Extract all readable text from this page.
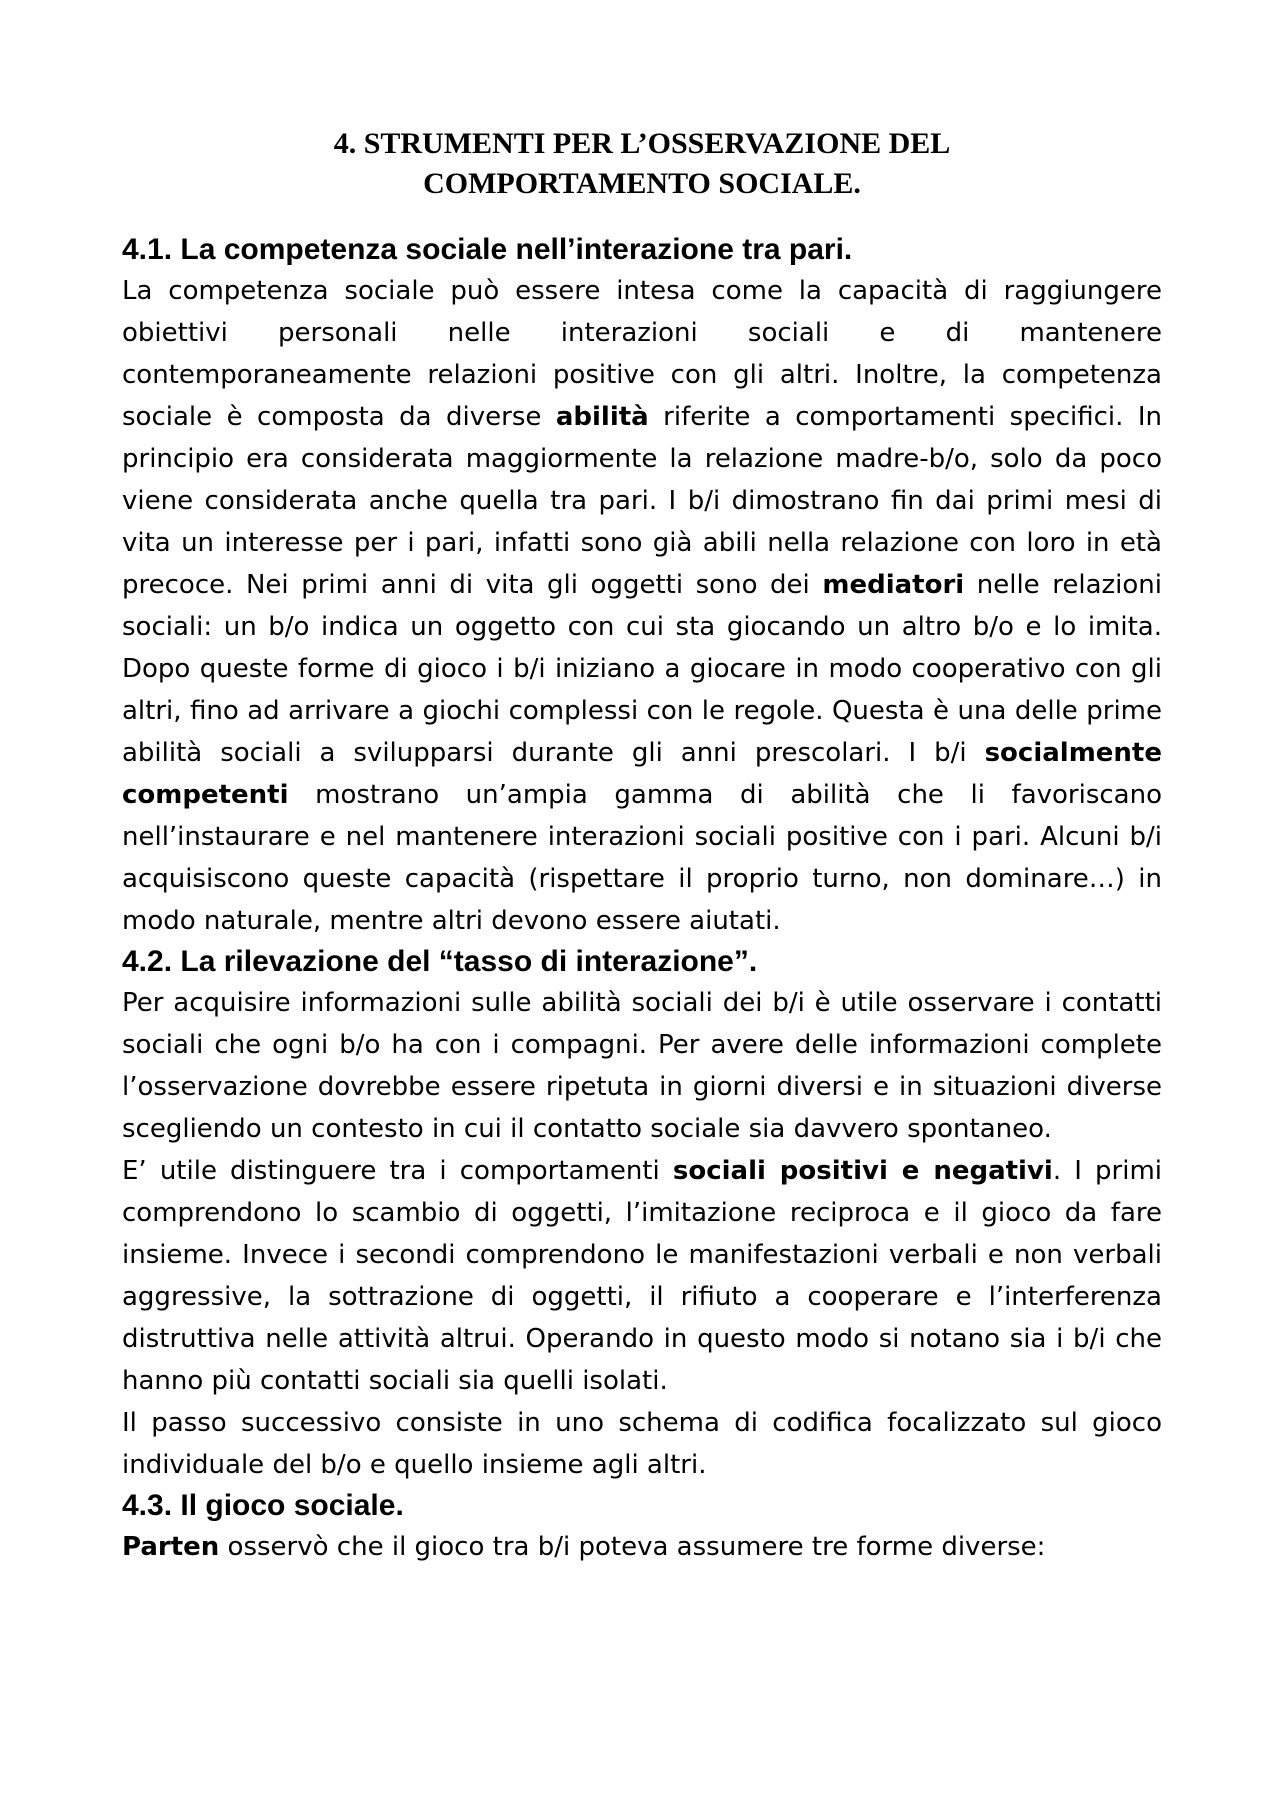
4. STRUMENTI PER L’OSSERVAZIONE DEL
COMPORTAMENTO SOCIALE.
4.1. La competenza sociale nell’interazione tra pari.

La competenza sociale può essere intesa come la capacità di raggiungere obiettivi personali nelle interazioni sociali e di mantenere contemporaneamente relazioni positive con gli altri. Inoltre, la competenza sociale è composta da diverse abilità riferite a comportamenti specifici. In principio era considerata maggiormente la relazione madre-b/o, solo da poco viene considerata anche quella tra pari. I b/i dimostrano fin dai primi mesi di vita un interesse per i pari, infatti sono già abili nella relazione con loro in età precoce. Nei primi anni di vita gli oggetti sono dei mediatori nelle relazioni sociali: un b/o indica un oggetto con cui sta giocando un altro b/o e lo imita. Dopo queste forme di gioco i b/i iniziano a giocare in modo cooperativo con gli altri, fino ad arrivare a giochi complessi con le regole. Questa è una delle prime abilità sociali a svilupparsi durante gli anni prescolari. I b/i socialmente competenti mostrano un’ampia gamma di abilità che li favoriscano nell’instaurare e nel mantenere interazioni sociali positive con i pari. Alcuni b/i acquisiscono queste capacità (rispettare il proprio turno, non dominare…) in modo naturale, mentre altri devono essere aiutati.

4.2. La rilevazione del “tasso di interazione”.

Per acquisire informazioni sulle abilità sociali dei b/i è utile osservare i contatti sociali che ogni b/o ha con i compagni. Per avere delle informazioni complete l’osservazione dovrebbe essere ripetuta in giorni diversi e in situazioni diverse scegliendo un contesto in cui il contatto sociale sia davvero spontaneo.

E’ utile distinguere tra i comportamenti sociali positivi e negativi. I primi comprendono lo scambio di oggetti, l’imitazione reciproca e il gioco da fare insieme. Invece i secondi comprendono le manifestazioni verbali e non verbali aggressive, la sottrazione di oggetti, il rifiuto a cooperare e l’interferenza distruttiva nelle attività altrui. Operando in questo modo si notano sia i b/i che hanno più contatti sociali sia quelli isolati.

Il passo successivo consiste in uno schema di codifica focalizzato sul gioco individuale del b/o e quello insieme agli altri.

4.3. Il gioco sociale.

Parten osservò che il gioco tra b/i poteva assumere tre forme diverse:
